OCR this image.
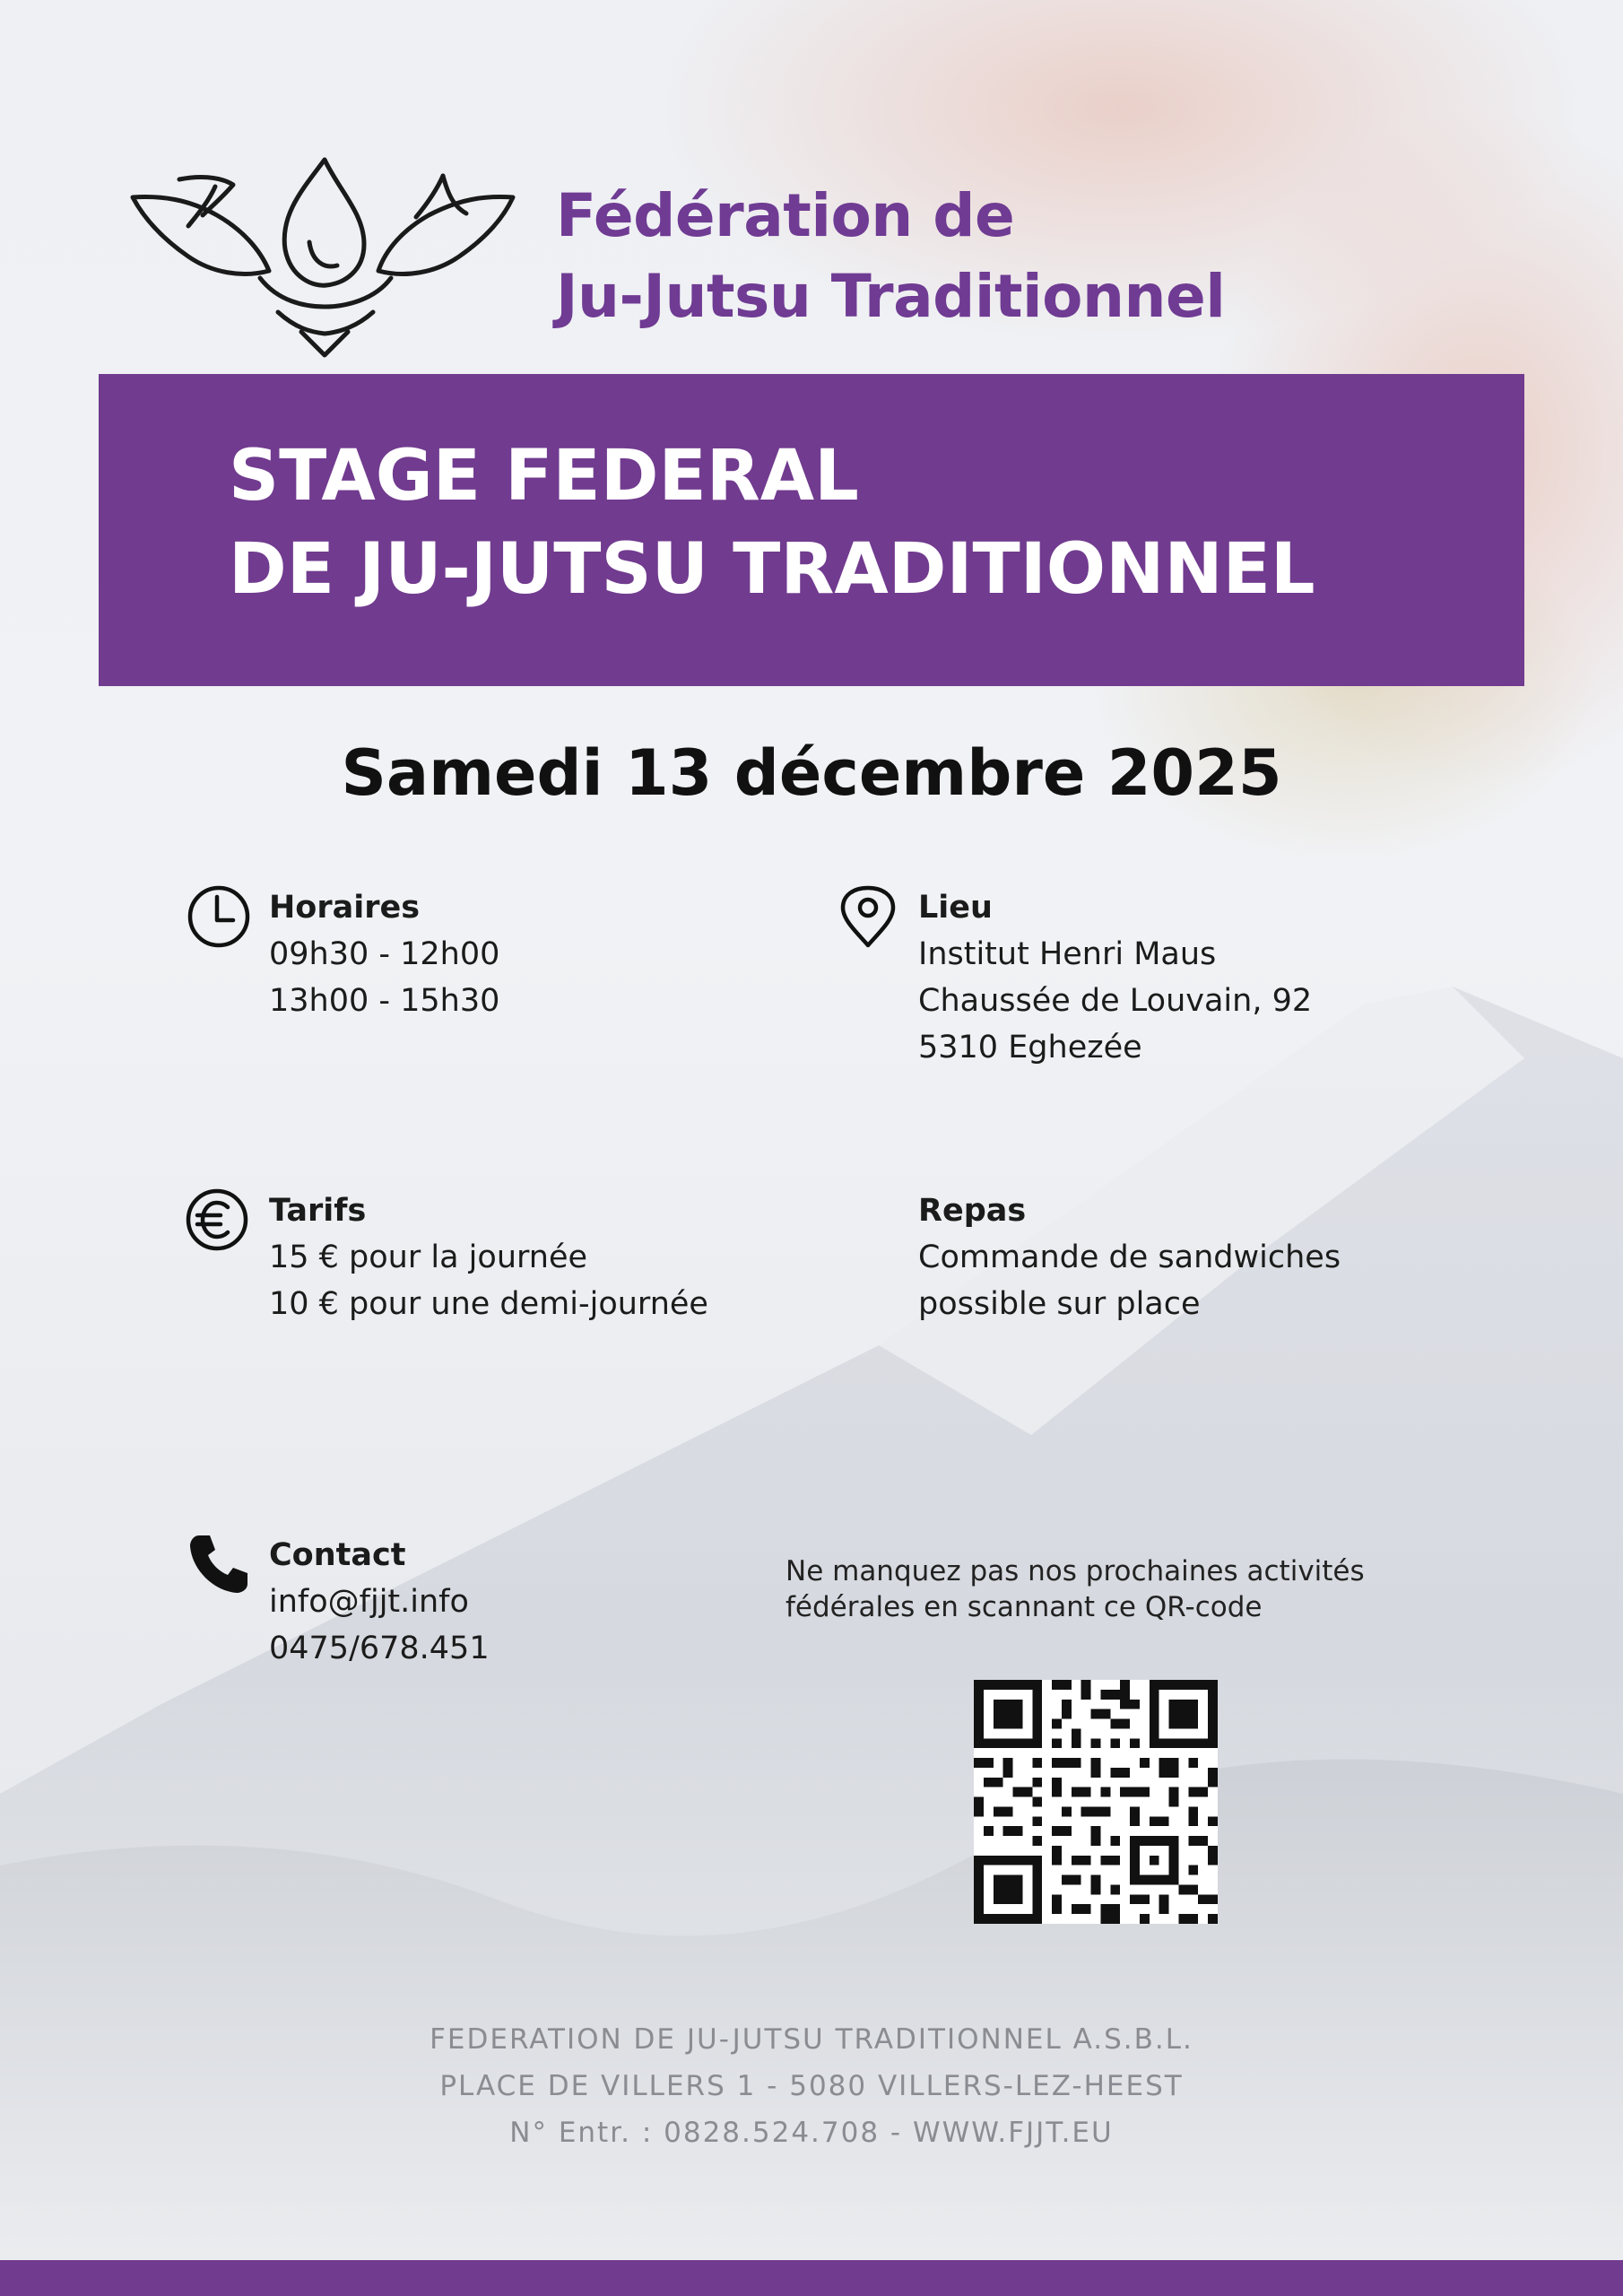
Fédération de
Ju-Jutsu Traditionnel
STAGE FEDERAL
DE JU-JUTSU TRADITIONNEL
Samedi 13 décembre 2025
Horaires
09h30 - 12h00
13h00 - 15h30
Lieu
Institut Henri Maus
Chaussée de Louvain, 92
5310 Eghezée
Tarifs
15 € pour la journée
10 € pour une demi-journée
Repas
Commande de sandwiches
possible sur place
Contact
info@fjjt.info
0475/678.451
Ne manquez pas nos prochaines activités
fédérales en scannant ce QR-code
FEDERATION DE JU-JUTSU TRADITIONNEL A.S.B.L.
PLACE DE VILLERS 1 - 5080 VILLERS-LEZ-HEEST
N° Entr. : 0828.524.708 - WWW.FJJT.EU
